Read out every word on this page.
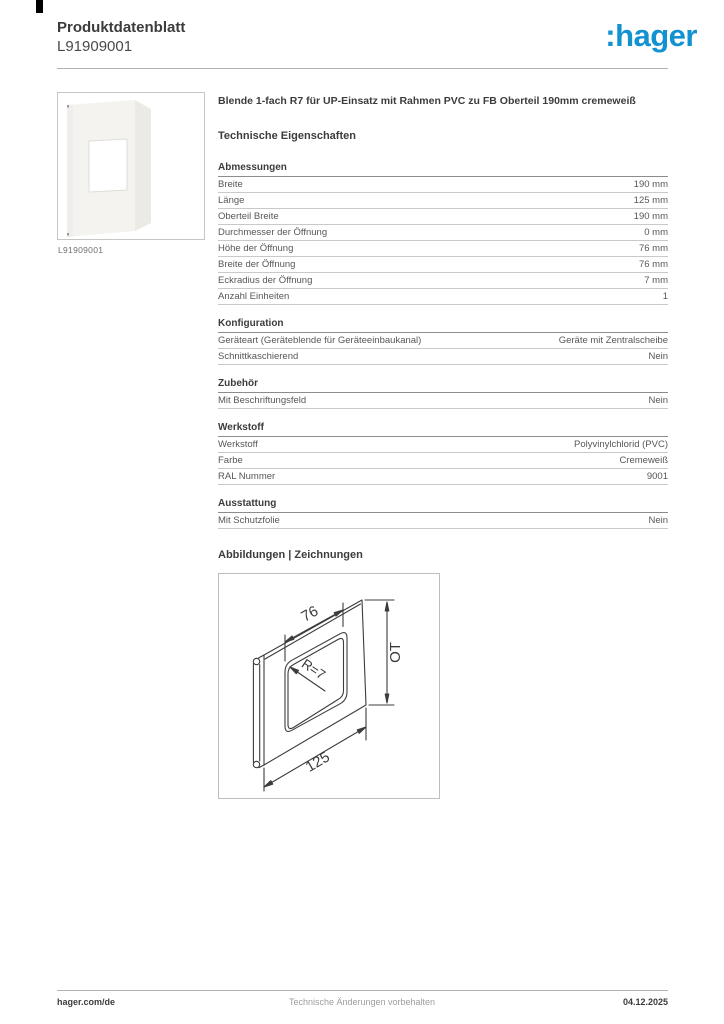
Produktdatenblatt
L91909001	:hager
L91909001
Blende 1-fach R7 für UP-Einsatz mit Rahmen PVC zu FB Oberteil 190mm cremeweiß
Technische Eigenschaften
Abmessungen
Breite	190 mm
Länge	125 mm
Oberteil Breite	190 mm
Durchmesser der Öffnung	0 mm
Höhe der Öffnung	76 mm
Breite der Öffnung	76 mm
Eckradius der Öffnung	7 mm
Anzahl Einheiten	1
Konfiguration
Geräteart (Geräteblende für Geräteeinbaukanal)	Geräte mit Zentralscheibe
Schnittkaschierend	Nein
Zubehör
Mit Beschriftungsfeld	Nein
Werkstoff
Werkstoff	Polyvinylchlorid (PVC)
Farbe	Cremeweiß
RAL Nummer	9001
Ausstattung
Mit Schutzfolie	Nein
Abbildungen | Zeichnungen
76
125
OT
R=7
hager.com/de	Technische Änderungen vorbehalten	04.12.2025
